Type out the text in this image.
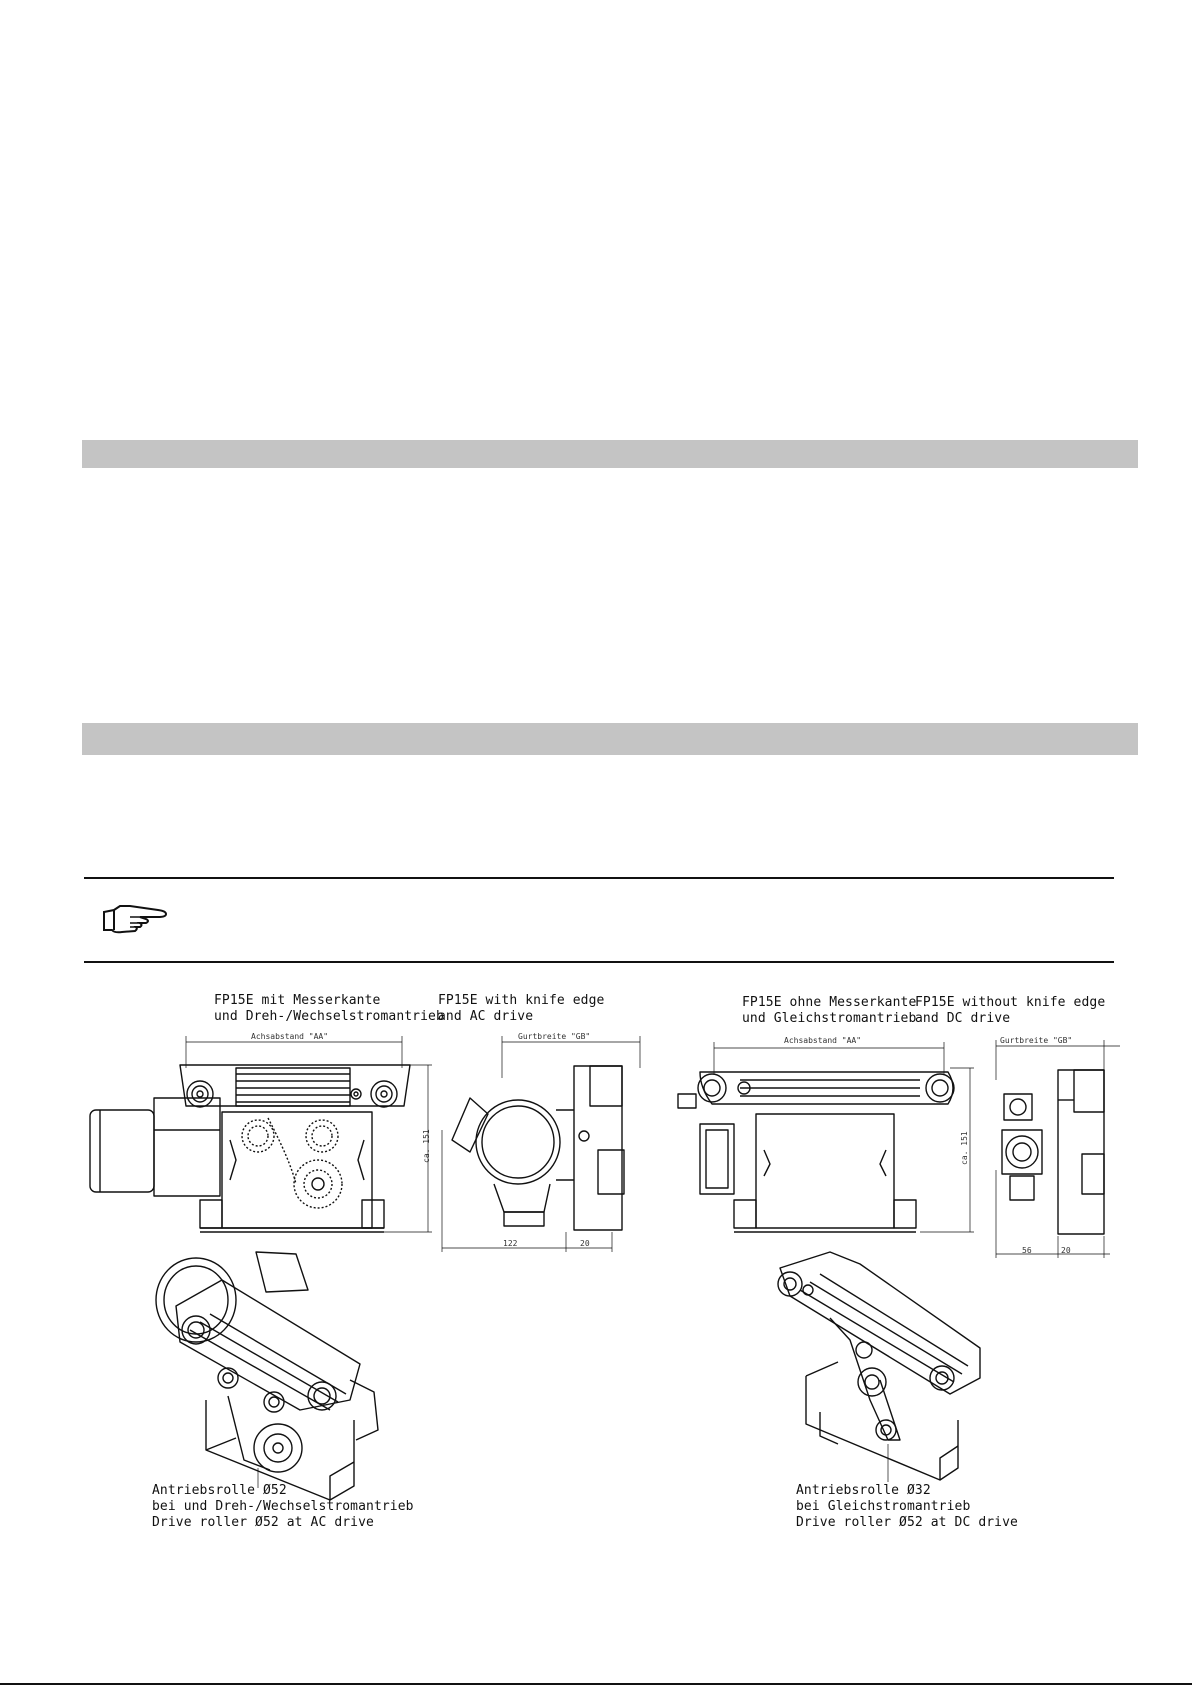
FP15E mit Messerkante
und Dreh-/Wechselstromantrieb
FP15E with knife edge
and AC drive
FP15E ohne Messerkante
und Gleichstromantrieb
FP15E without knife edge
and DC drive
Achsabstand "AA"	Gurtbreite "GB"
ca. 151
122	20
Achsabstand "AA"	Gurtbreite "GB"
ca. 151
56	20
Antriebsrolle Ø52
bei und Dreh-/Wechselstromantrieb
Drive roller Ø52 at AC drive
Antriebsrolle Ø32
bei Gleichstromantrieb
Drive roller Ø52 at DC drive
